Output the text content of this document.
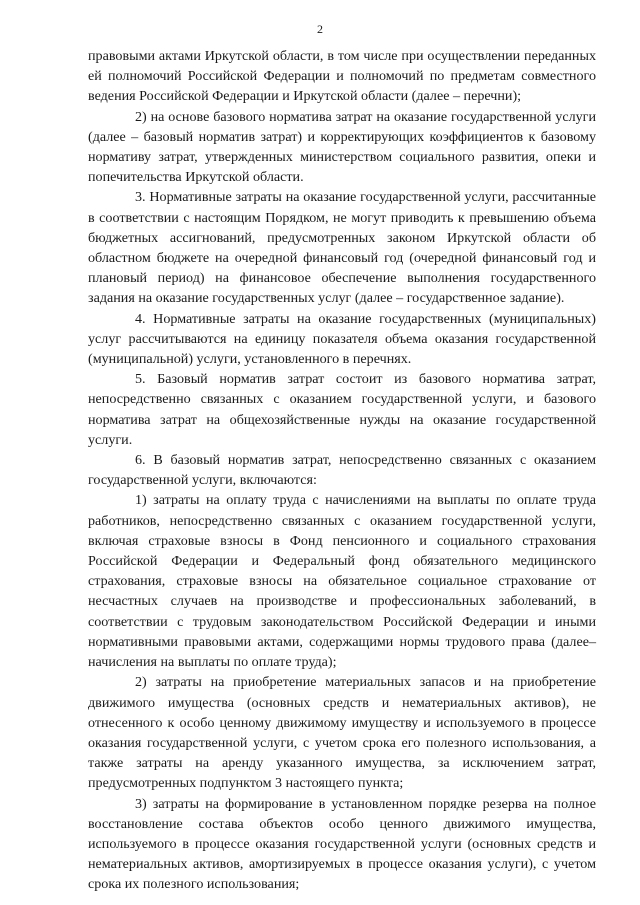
2

правовыми актами Иркутской области, в том числе при осуществлении переданных ей полномочий Российской Федерации и полномочий по предметам совместного ведения Российской Федерации и Иркутской области (далее – перечни);

2) на основе базового норматива затрат на оказание государственной услуги (далее – базовый норматив затрат) и корректирующих коэффициентов к базовому нормативу затрат, утвержденных министерством социального развития, опеки и попечительства Иркутской области.

3. Нормативные затраты на оказание государственной услуги, рассчитанные в соответствии с настоящим Порядком, не могут приводить к превышению объема бюджетных ассигнований, предусмотренных законом Иркутской области об областном бюджете на очередной финансовый год (очередной финансовый год и плановый период) на финансовое обеспечение выполнения государственного задания на оказание государственных услуг (далее – государственное задание).

4. Нормативные затраты на оказание государственных (муниципальных) услуг рассчитываются на единицу показателя объема оказания государственной (муниципальной) услуги, установленного в перечнях.

5. Базовый норматив затрат состоит из базового норматива затрат, непосредственно связанных с оказанием государственной услуги, и базового норматива затрат на общехозяйственные нужды на оказание государственной услуги.

6. В базовый норматив затрат, непосредственно связанных с оказанием государственной услуги, включаются:

1) затраты на оплату труда с начислениями на выплаты по оплате труда работников, непосредственно связанных с оказанием государственной услуги, включая страховые взносы в Фонд пенсионного и социального страхования Российской Федерации и Федеральный фонд обязательного медицинского страхования, страховые взносы на обязательное социальное страхование от несчастных случаев на производстве и профессиональных заболеваний, в соответствии с трудовым законодательством Российской Федерации и иными нормативными правовыми актами, содержащими нормы трудового права (далее– начисления на выплаты по оплате труда);

2) затраты на приобретение материальных запасов и на приобретение движимого имущества (основных средств и нематериальных активов), не отнесенного к особо ценному движимому имуществу и используемого в процессе оказания государственной услуги, с учетом срока его полезного использования, а также затраты на аренду указанного имущества, за исключением затрат, предусмотренных подпунктом 3 настоящего пункта;

3) затраты на формирование в установленном порядке резерва на полное восстановление состава объектов особо ценного движимого имущества, используемого в процессе оказания государственной услуги (основных средств и нематериальных активов, амортизируемых в процессе оказания услуги), с учетом срока их полезного использования;
